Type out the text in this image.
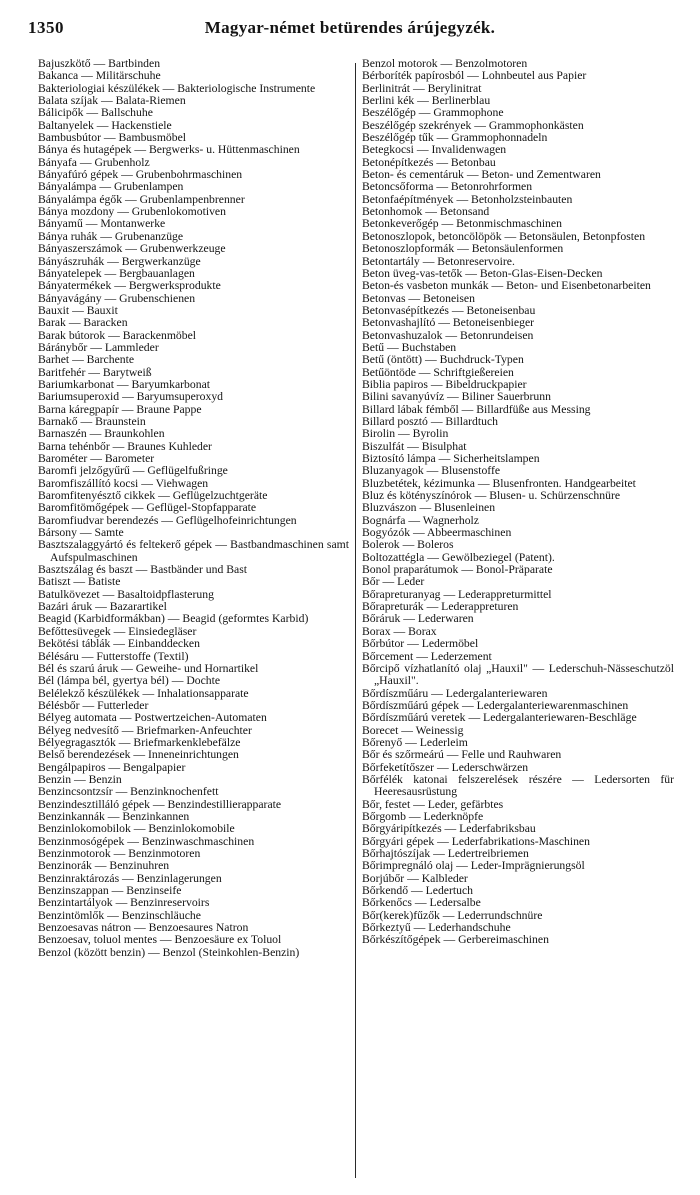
1350	Magyar-német betürendes árújegyzék.
Bajuszkötő — Bartbinden
Bakanca — Militärschuhe
Bakteriologiai készülékek — Bakteriologische Instrumente
Balata szíjak — Balata-Riemen
Bálicipők — Ballschuhe
Baltanyelek — Hackenstiele
Bambusbútor — Bambusmöbel
Bánya és hutagépek — Bergwerks- u. Hüttenmaschinen
Bányafa — Grubenholz
Bányafúró gépek — Grubenbohrmaschinen
Bányalámpa — Grubenlampen
Bányalámpa égők — Grubenlampenbrenner
Bánya mozdony — Grubenlokomotiven
Bányamű — Montanwerke
Bánya ruhák — Grubenanzüge
Bányaszerszámok — Grubenwerkzeuge
Bányászruhák — Bergwerkanzüge
Bányatelepek — Bergbauanlagen
Bányatermékek — Bergwerksprodukte
Bányavágány — Grubenschienen
Bauxit — Bauxit
Barak — Baracken
Barak bútorok — Barackenmöbel
Báránybőr — Lammleder
Barhet — Barchente
Baritfehér — Barytweiß
Bariumkarbonat — Baryumkarbonat
Bariumsuperoxid — Baryumsuperoxyd
Barna káregpapír — Braune Pappe
Barnakő — Braunstein
Barnaszén — Braunkohlen
Barna tehénbőr — Braunes Kuhleder
Barométer — Barometer
Baromfi jelzőgyűrű — Geflügelfußringe
Baromfiszállító kocsi — Viehwagen
Baromfitenyésztő cikkek — Geflügelzuchtgeräte
Baromfitömőgépek — Geflügel-Stopfapparate
Baromfiudvar berendezés — Geflügelhofeinrichtungen
Bársony — Samte
Basztszalaggyártó és feltekerő gépek — Bastbandmaschinen samt Aufspulmaschinen
Basztszálag és baszt — Bastbänder und Bast
Batiszt — Batiste
Batulkövezet — Basaltoidpflasterung
Bazári áruk — Bazarartikel
Beagid (Karbidformákban) — Beagid (geformtes Karbid)
Befőttesüvegek — Einsiedegläser
Bekötési táblák — Einbanddecken
Bélésáru — Futterstoffe (Textil)
Bél és szarú áruk — Geweihe- und Hornartikel
Bél (lámpa bél, gyertya bél) — Dochte
Belélekző készülékek — Inhalationsapparate
Bélésbőr — Futterleder
Bélyeg automata — Postwertzeichen-Automaten
Bélyeg nedvesítő — Briefmarken-Anfeuchter
Bélyegragasztók — Briefmarkenklebefälze
Belső berendezések — Inneneinrichtungen
Bengálpapiros — Bengalpapier
Benzin — Benzin
Benzincsontzsír — Benzinknochenfett
Benzindesztilláló gépek — Benzindestillierapparate
Benzinkannák — Benzinkannen
Benzinlokomobilok — Benzinlokomobile
Benzinmosógépek — Benzinwaschmaschinen
Benzinmotorok — Benzinmotoren
Benzinorák — Benzinuhren
Benzinraktározás — Benzinlagerungen
Benzinszappan — Benzinseife
Benzintartályok — Benzinreservoirs
Benzintömlők — Benzinschläuche
Benzoesavas nátron — Benzoesaures Natron
Benzoesav, toluol mentes — Benzoesäure ex Toluol
Benzol (között benzin) — Benzol (Steinkohlen-Benzin)
Benzol motorok — Benzolmotoren
Bérboríték papírosból — Lohnbeutel aus Papier
Berlinitrát — Berylinitrat
Berlini kék — Berlinerblau
Beszélőgép — Grammophone
Beszélőgép szekrények — Grammophonkästen
Beszélőgép tűk — Grammophonnadeln
Betegkocsi — Invalidenwagen
Betonépítkezés — Betonbau
Beton- és cementáruk — Beton- und Zementwaren
Betoncsőforma — Betonrohrformen
Betonfaépítmények — Betonholzsteinbauten
Betonhomok — Betonsand
Betonkeverőgép — Betonmischmaschinen
Betonoszlopok, betoncölöpök — Betonsäulen, Betonpfosten
Betonoszlopformák — Betonsäulenformen
Betontartály — Betonreservoire.
Beton üveg-vas-tetők — Beton-Glas-Eisen-Decken
Beton-és vasbeton munkák — Beton- und Eisenbetonarbeiten
Betonvas — Betoneisen
Betonvasépítkezés — Betoneisenbau
Betonvashajlító — Betoneisenbieger
Betonvashuzalok — Betonrundeisen
Betű — Buchstaben
Betű (öntött) — Buchdruck-Typen
Betűöntöde — Schriftgießereien
Biblia papiros — Bibeldruckpapier
Bilini savanyúvíz — Biliner Sauerbrunn
Billard lábak fémből — Billardfüße aus Messing
Billard posztó — Billardtuch
Birolin — Byrolin
Biszulfát — Bisulphat
Biztosító lámpa — Sicherheitslampen
Bluzanyagok — Blusenstoffe
Bluzbetétek, kézimunka — Blusenfronten. Handgearbeitet
Bluz és kötényszínórok — Blusen- u. Schürzenschnüre
Bluzvászon — Blusenleinen
Bognárfa — Wagnerholz
Bogyózók — Abbeermaschinen
Bolerok — Boleros
Boltozattégla — Gewölbeziegel (Patent).
Bonol praparátumok — Bonol-Präparate
Bőr — Leder
Bőrapreturanyag — Lederappreturmittel
Bőrapreturák — Lederappreturen
Bőráruk — Lederwaren
Borax — Borax
Bőrbútor — Ledermöbel
Bőrcement — Lederzement
Bőrcipő vízhatlanító olaj „Hauxil" — Lederschuh-Nässeschutzöl „Hauxil".
Bőrdíszműáru — Ledergalanteriewaren
Bőrdíszműárú gépek — Ledergalanteriewarenmaschinen
Bőrdíszműárú veretek — Ledergalanteriewaren-Beschläge
Borecet — Weinessig
Bőrenyő — Lederleim
Bőr és szőrmeárú — Felle und Rauhwaren
Bőrfeketítőszer — Lederschwärzen
Bőrfélék katonai felszerelések részére — Ledersorten für Heeresausrüstung
Bőr, festet — Leder, gefärbtes
Bőrgomb — Lederknöpfe
Bőrgyáripítkezés — Lederfabriksbau
Bőrgyári gépek — Lederfabrikations-Maschinen
Bőrhajtószíjak — Ledertreibriemen
Bőrimpregnáló olaj — Leder-Imprägnierungsöl
Borjúbőr — Kalbleder
Bőrkendő — Ledertuch
Bőrkenőcs — Ledersalbe
Bőr(kerek)fűzők — Lederrundschnüre
Bőrkeztyű — Lederhandschuhe
Bőrkészítőgépek — Gerbereimaschinen
